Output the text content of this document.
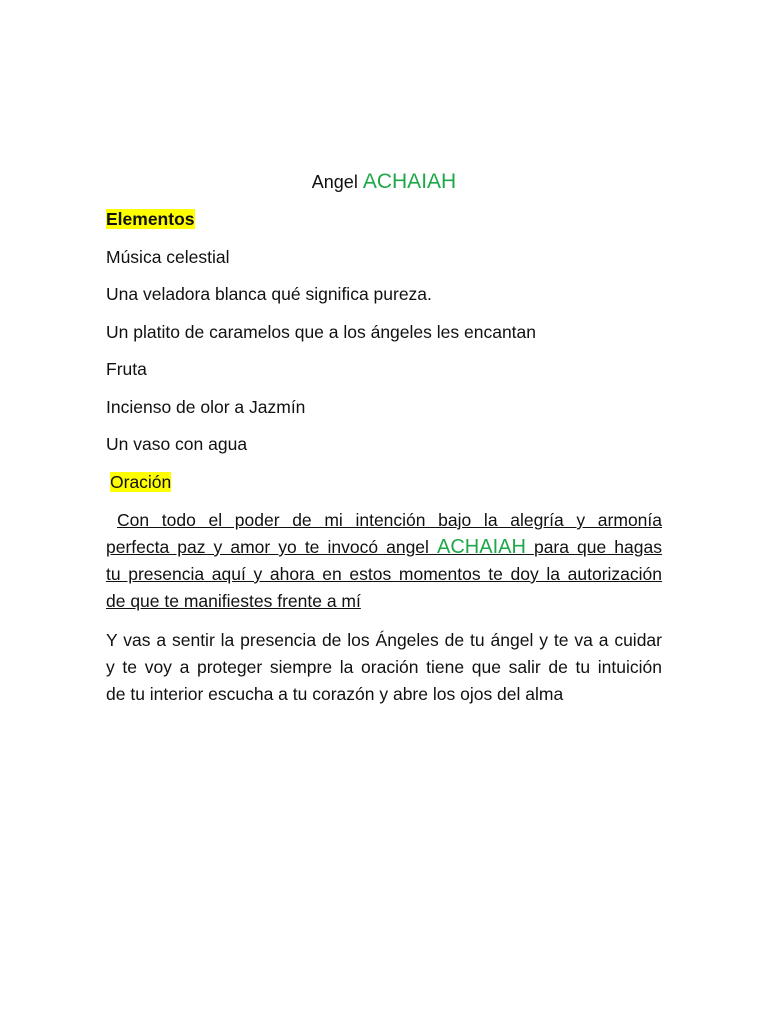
Angel ACHAIAH
Elementos
Música celestial
Una veladora blanca qué significa pureza.
Un platito de caramelos que a los ángeles les encantan
Fruta
Incienso de olor a Jazmín
Un vaso con agua
Oración
Con todo el poder de mi intención bajo la alegría y armonía
perfecta paz y amor yo te invocó angel ACHAIAH para que hagas
tu presencia aquí y ahora en estos momentos te doy la autorización
de que te manifiestes frente a mí
Y vas a sentir la presencia de los Ángeles de tu ángel y te va a cuidar
y te voy a proteger siempre la oración tiene que salir de tu intuición
de tu interior escucha a tu corazón y abre los ojos del alma
